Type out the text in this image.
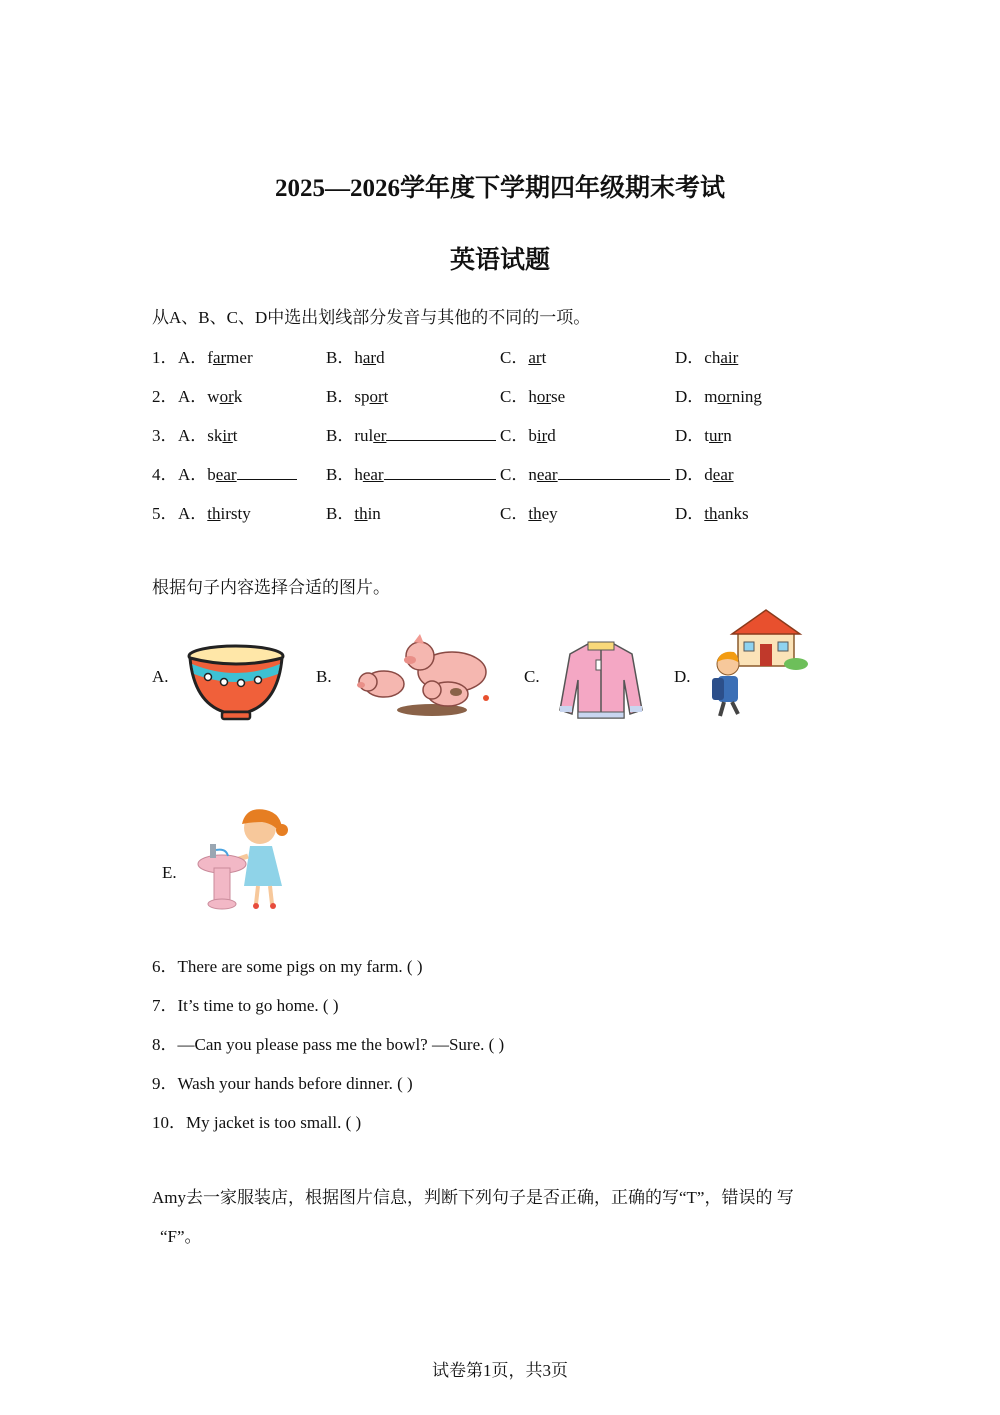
2025—2026学年度下学期四年级期末考试
英语试题
从A、B、C、D中选出划线部分发音与其他的不同的一项。
1． A．farmer	B．hard	C．art	D．chair
2． A．work	B．sport	C．horse	D．morning
3． A．skirt	B．ruler	C．bird	D．turn
4． A．bear	B．hear	C．near	D．dear
5． A．thirsty	B．thin	C．they	D．thanks
根据句子内容选择合适的图片。
A.	B.	C.	D.
E.
6．There are some pigs on my farm. ( )
7．It’s time to go home. ( )
8．—Can you please pass me the bowl? —Sure. ( )
9．Wash your hands before dinner. ( )
10．My jacket is too small. ( )
Amy去一家服装店，根据图片信息，判断下列句子是否正确，正确的写“T”，错误的 写
“F”。
试卷第1页，共3页
